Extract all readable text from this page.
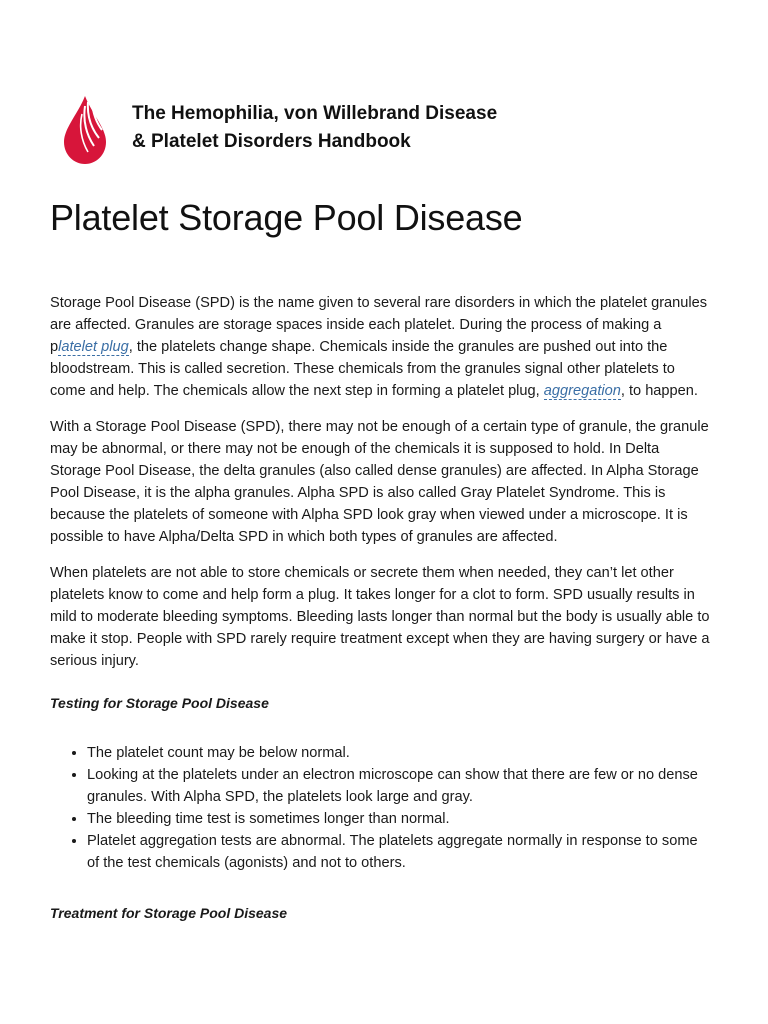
The Hemophilia, von Willebrand Disease
& Platelet Disorders Handbook
Platelet Storage Pool Disease

Storage Pool Disease (SPD) is the name given to several rare disorders in which the platelet granules are affected. Granules are storage spaces inside each platelet. During the process of making a platelet plug, the platelets change shape. Chemicals inside the granules are pushed out into the bloodstream. This is called secretion. These chemicals from the granules signal other platelets to come and help. The chemicals allow the next step in forming a platelet plug, aggregation, to happen.

With a Storage Pool Disease (SPD), there may not be enough of a certain type of granule, the granule may be abnormal, or there may not be enough of the chemicals it is supposed to hold. In Delta Storage Pool Disease, the delta granules (also called dense granules) are affected. In Alpha Storage Pool Disease, it is the alpha granules. Alpha SPD is also called Gray Platelet Syndrome. This is because the platelets of someone with Alpha SPD look gray when viewed under a microscope. It is possible to have Alpha/Delta SPD in which both types of granules are affected.

When platelets are not able to store chemicals or secrete them when needed, they can’t let other platelets know to come and help form a plug. It takes longer for a clot to form. SPD usually results in mild to moderate bleeding symptoms. Bleeding lasts longer than normal but the body is usually able to make it stop. People with SPD rarely require treatment except when they are having surgery or have a serious injury.

Testing for Storage Pool Disease
• The platelet count may be below normal.
• Looking at the platelets under an electron microscope can show that there are few or no dense granules. With Alpha SPD, the platelets look large and gray.
• The bleeding time test is sometimes longer than normal.
• Platelet aggregation tests are abnormal. The platelets aggregate normally in response to some of the test chemicals (agonists) and not to others.
Treatment for Storage Pool Disease
